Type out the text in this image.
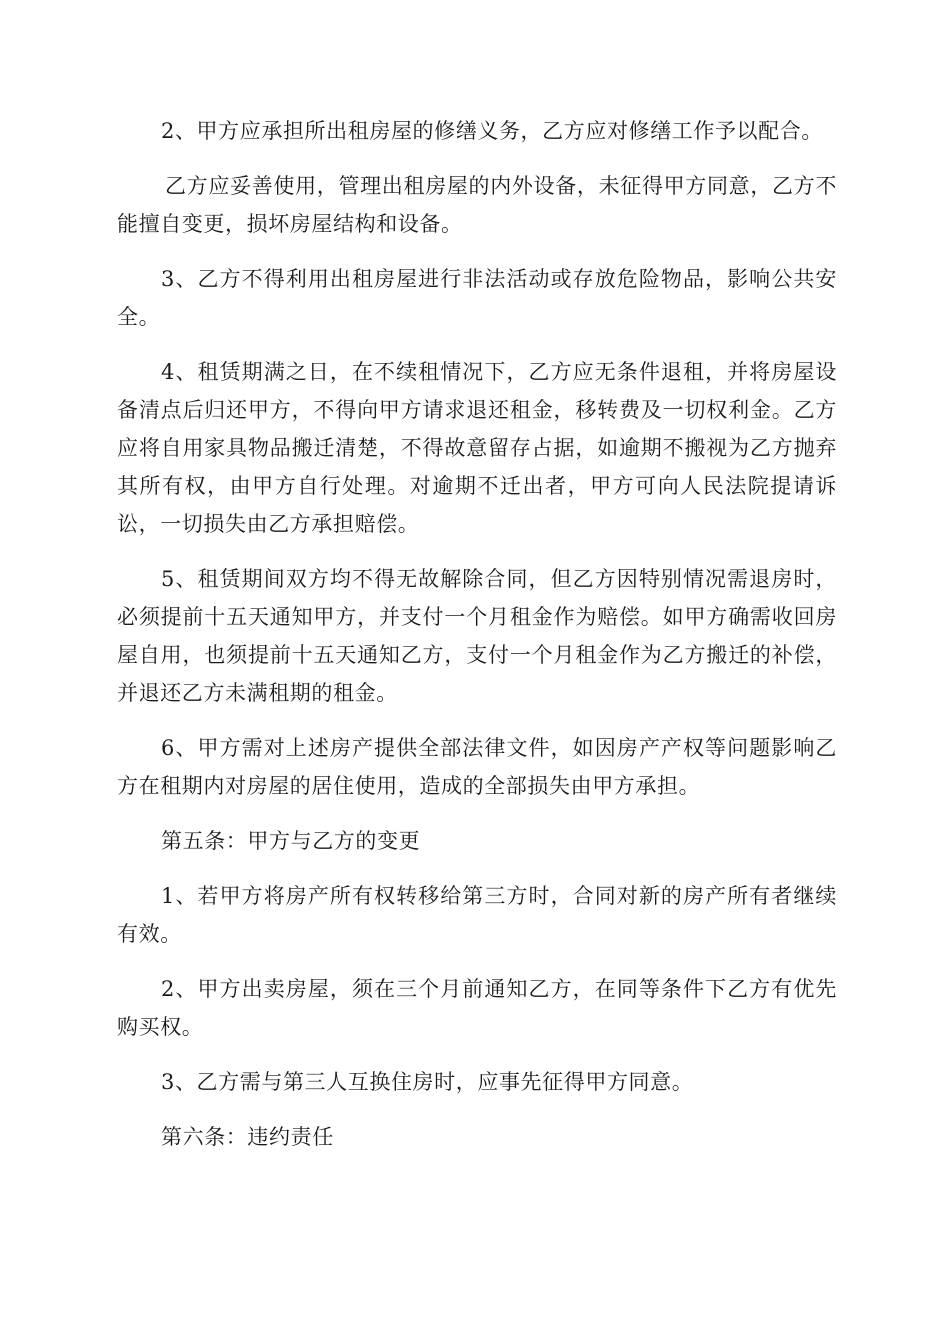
2、甲方应承担所出租房屋的修缮义务，乙方应对修缮工作予以配合。

乙方应妥善使用，管理出租房屋的内外设备，未征得甲方同意，乙方不能擅自变更，损坏房屋结构和设备。

3、乙方不得利用出租房屋进行非法活动或存放危险物品，影响公共安全。

4、租赁期满之日，在不续租情况下，乙方应无条件退租，并将房屋设备清点后归还甲方，不得向甲方请求退还租金，移转费及一切权利金。乙方应将自用家具物品搬迁清楚，不得故意留存占据，如逾期不搬视为乙方抛弃其所有权，由甲方自行处理。对逾期不迁出者，甲方可向人民法院提请诉讼，一切损失由乙方承担赔偿。

5、租赁期间双方均不得无故解除合同，但乙方因特别情况需退房时，必须提前十五天通知甲方，并支付一个月租金作为赔偿。如甲方确需收回房屋自用，也须提前十五天通知乙方，支付一个月租金作为乙方搬迁的补偿，并退还乙方未满租期的租金。

6、甲方需对上述房产提供全部法律文件，如因房产产权等问题影响乙方在租期内对房屋的居住使用，造成的全部损失由甲方承担。

第五条：甲方与乙方的变更

1、若甲方将房产所有权转移给第三方时，合同对新的房产所有者继续有效。

2、甲方出卖房屋，须在三个月前通知乙方，在同等条件下乙方有优先购买权。

3、乙方需与第三人互换住房时，应事先征得甲方同意。

第六条：违约责任
